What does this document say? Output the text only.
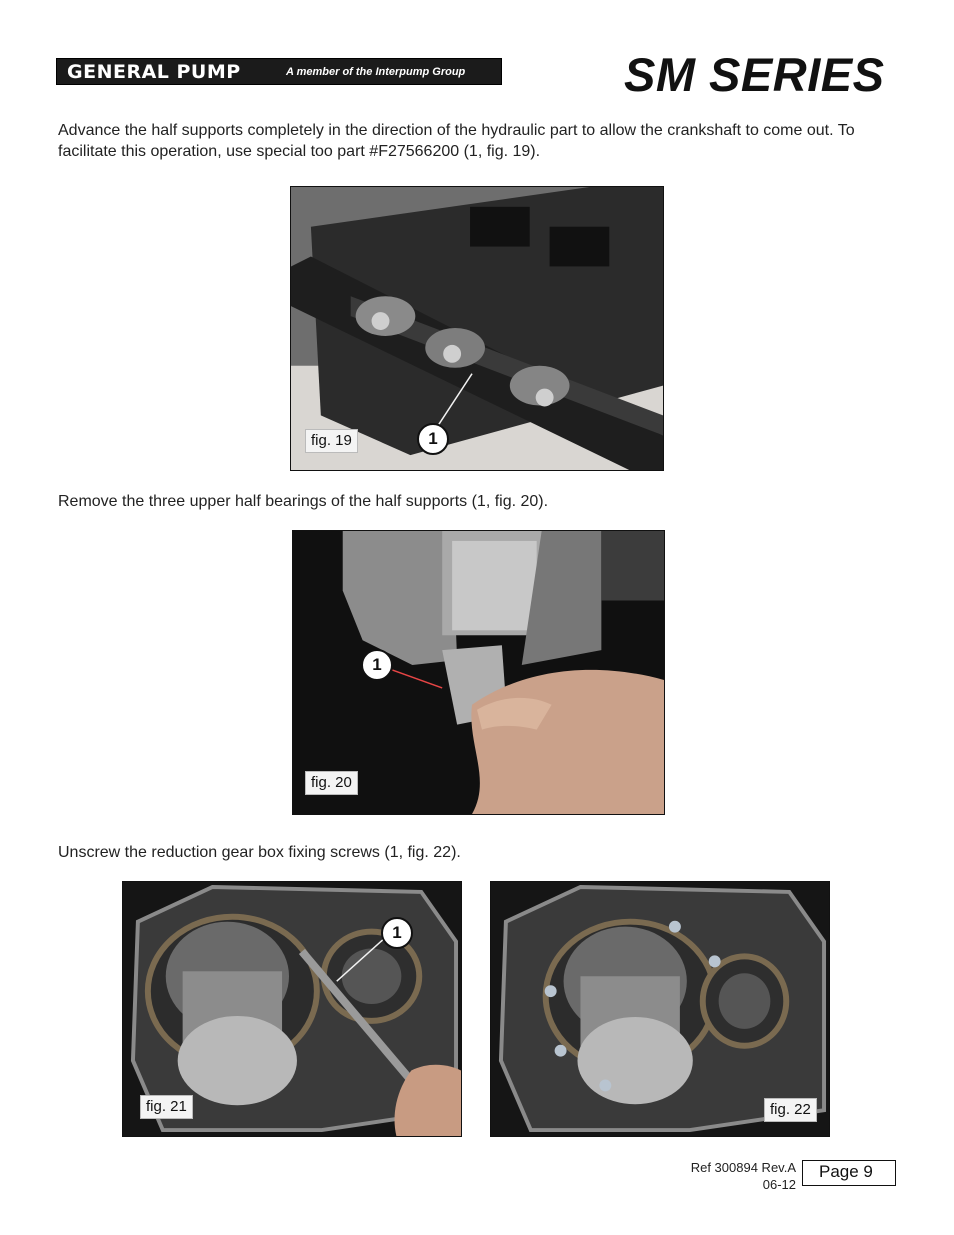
GENERAL PUMP	A member of the Interpump Group	SM SERIES

Advance the half supports completely in the direction of the hydraulic part to allow the crankshaft to come out. To facilitate this operation, use special too part #F27566200 (1, fig. 19).

fig. 19	1

Remove the three upper half bearings of the half supports (1, fig. 20).

fig. 20
1

Unscrew the reduction gear box fixing screws (1, fig. 22).

fig. 21
1
fig. 22
Ref 300894 Rev.A
06-12
Page 9
